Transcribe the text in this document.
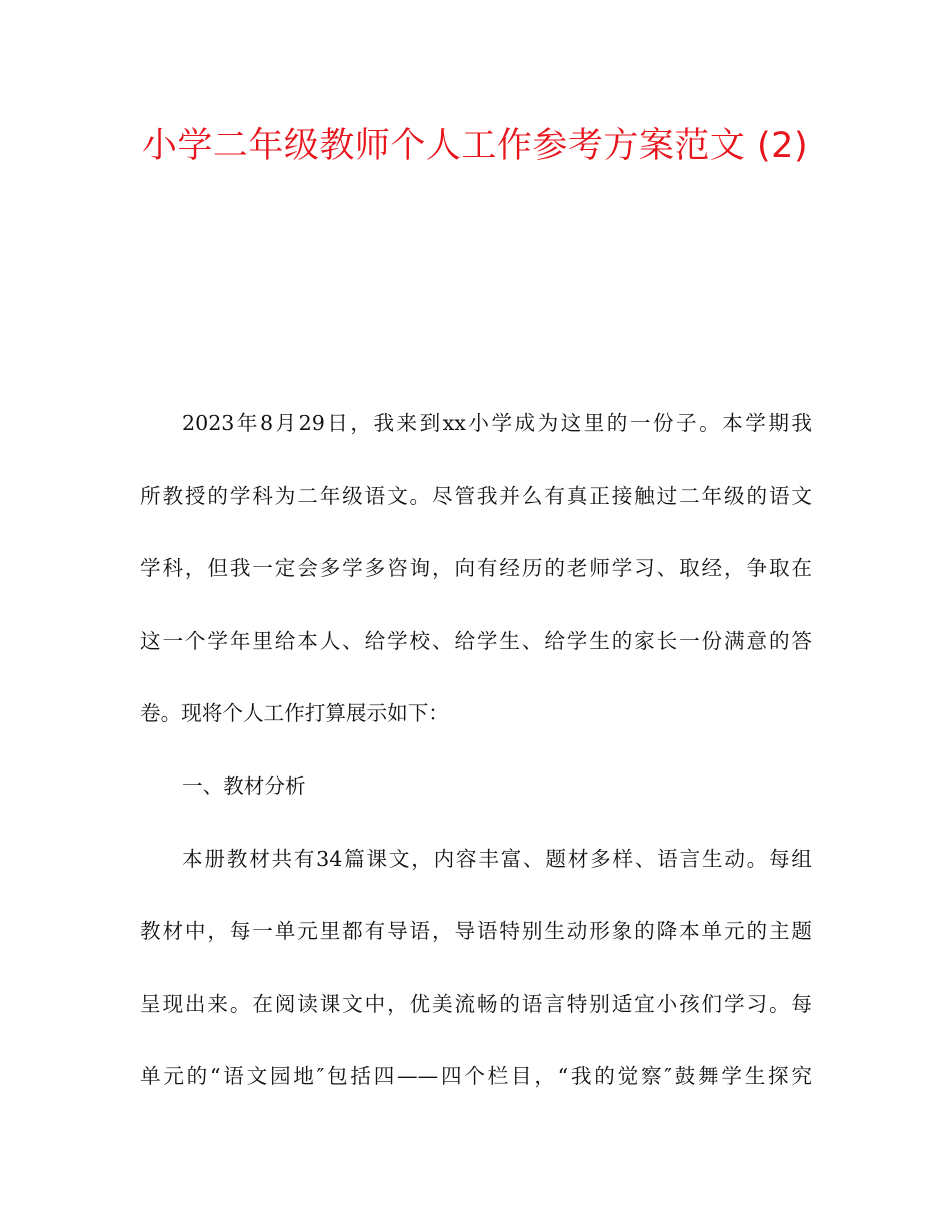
小学二年级教师个人工作参考方案范文 (2)
2023年8月29日，我来到xx小学成为这里的一份子。本学期我
所教授的学科为二年级语文。尽管我并么有真正接触过二年级的语文
学科，但我一定会多学多咨询，向有经历的老师学习、取经，争取在
这一个学年里给本人、给学校、给学生、给学生的家长一份满意的答
卷。现将个人工作打算展示如下：
一、教材分析
本册教材共有34篇课文，内容丰富、题材多样、语言生动。每组
教材中，每一单元里都有导语，导语特别生动形象的降本单元的主题
呈现出来。在阅读课文中，优美流畅的语言特别适宜小孩们学习。每
单元的“语文园地″包括四——四个栏目，“我的觉察″鼓舞学生探究
